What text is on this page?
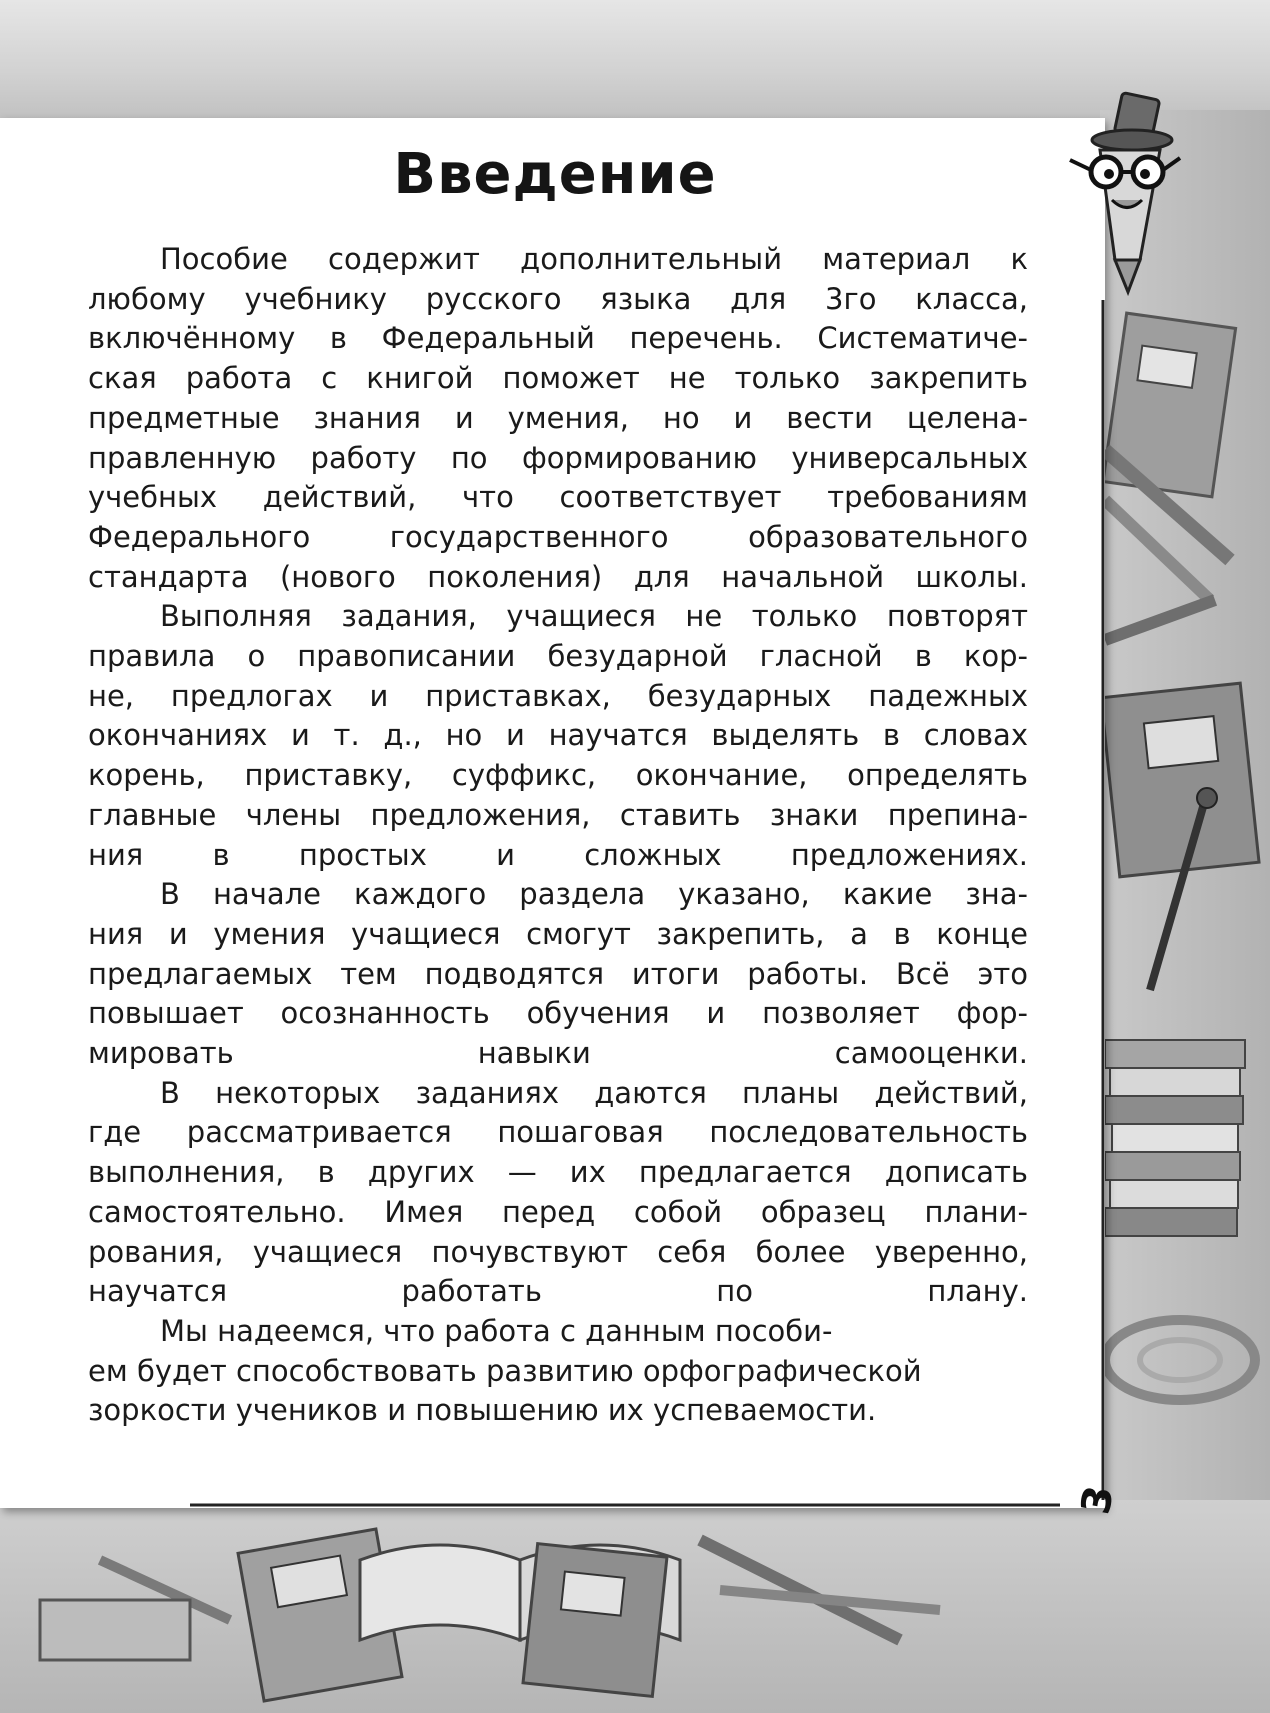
Введение

Пособие содержит дополнительный материал к
любому учебнику русского языка для 3го класса,
включённому в Федеральный перечень. Систематиче-
ская работа с книгой поможет не только закрепить
предметные знания и умения, но и вести целена-
правленную работу по формированию универсальных
учебных действий, что соответствует требованиям
Федерального государственного образовательного
стандарта (нового поколения) для начальной школы.

Выполняя задания, учащиеся не только повторят
правила о правописании безударной гласной в кор-
не, предлогах и приставках, безударных падежных
окончаниях и т. д., но и научатся выделять в словах
корень, приставку, суффикс, окончание, определять
главные члены предложения, ставить знаки препина-
ния в простых и сложных предложениях.

В начале каждого раздела указано, какие зна-
ния и умения учащиеся смогут закрепить, а в конце
предлагаемых тем подводятся итоги работы. Всё это
повышает осознанность обучения и позволяет фор-
мировать навыки самооценки.

В некоторых заданиях даются планы действий,
где рассматривается пошаговая последовательность
выполнения, в других — их предлагается дописать
самостоятельно. Имея перед собой образец плани-
рования, учащиеся почувствуют себя более уверенно,
научатся работать по плану.

Мы надеемся, что работа с данным пособи-
ем будет способствовать развитию орфографической
зоркости учеников и повышению их успеваемости.

3
